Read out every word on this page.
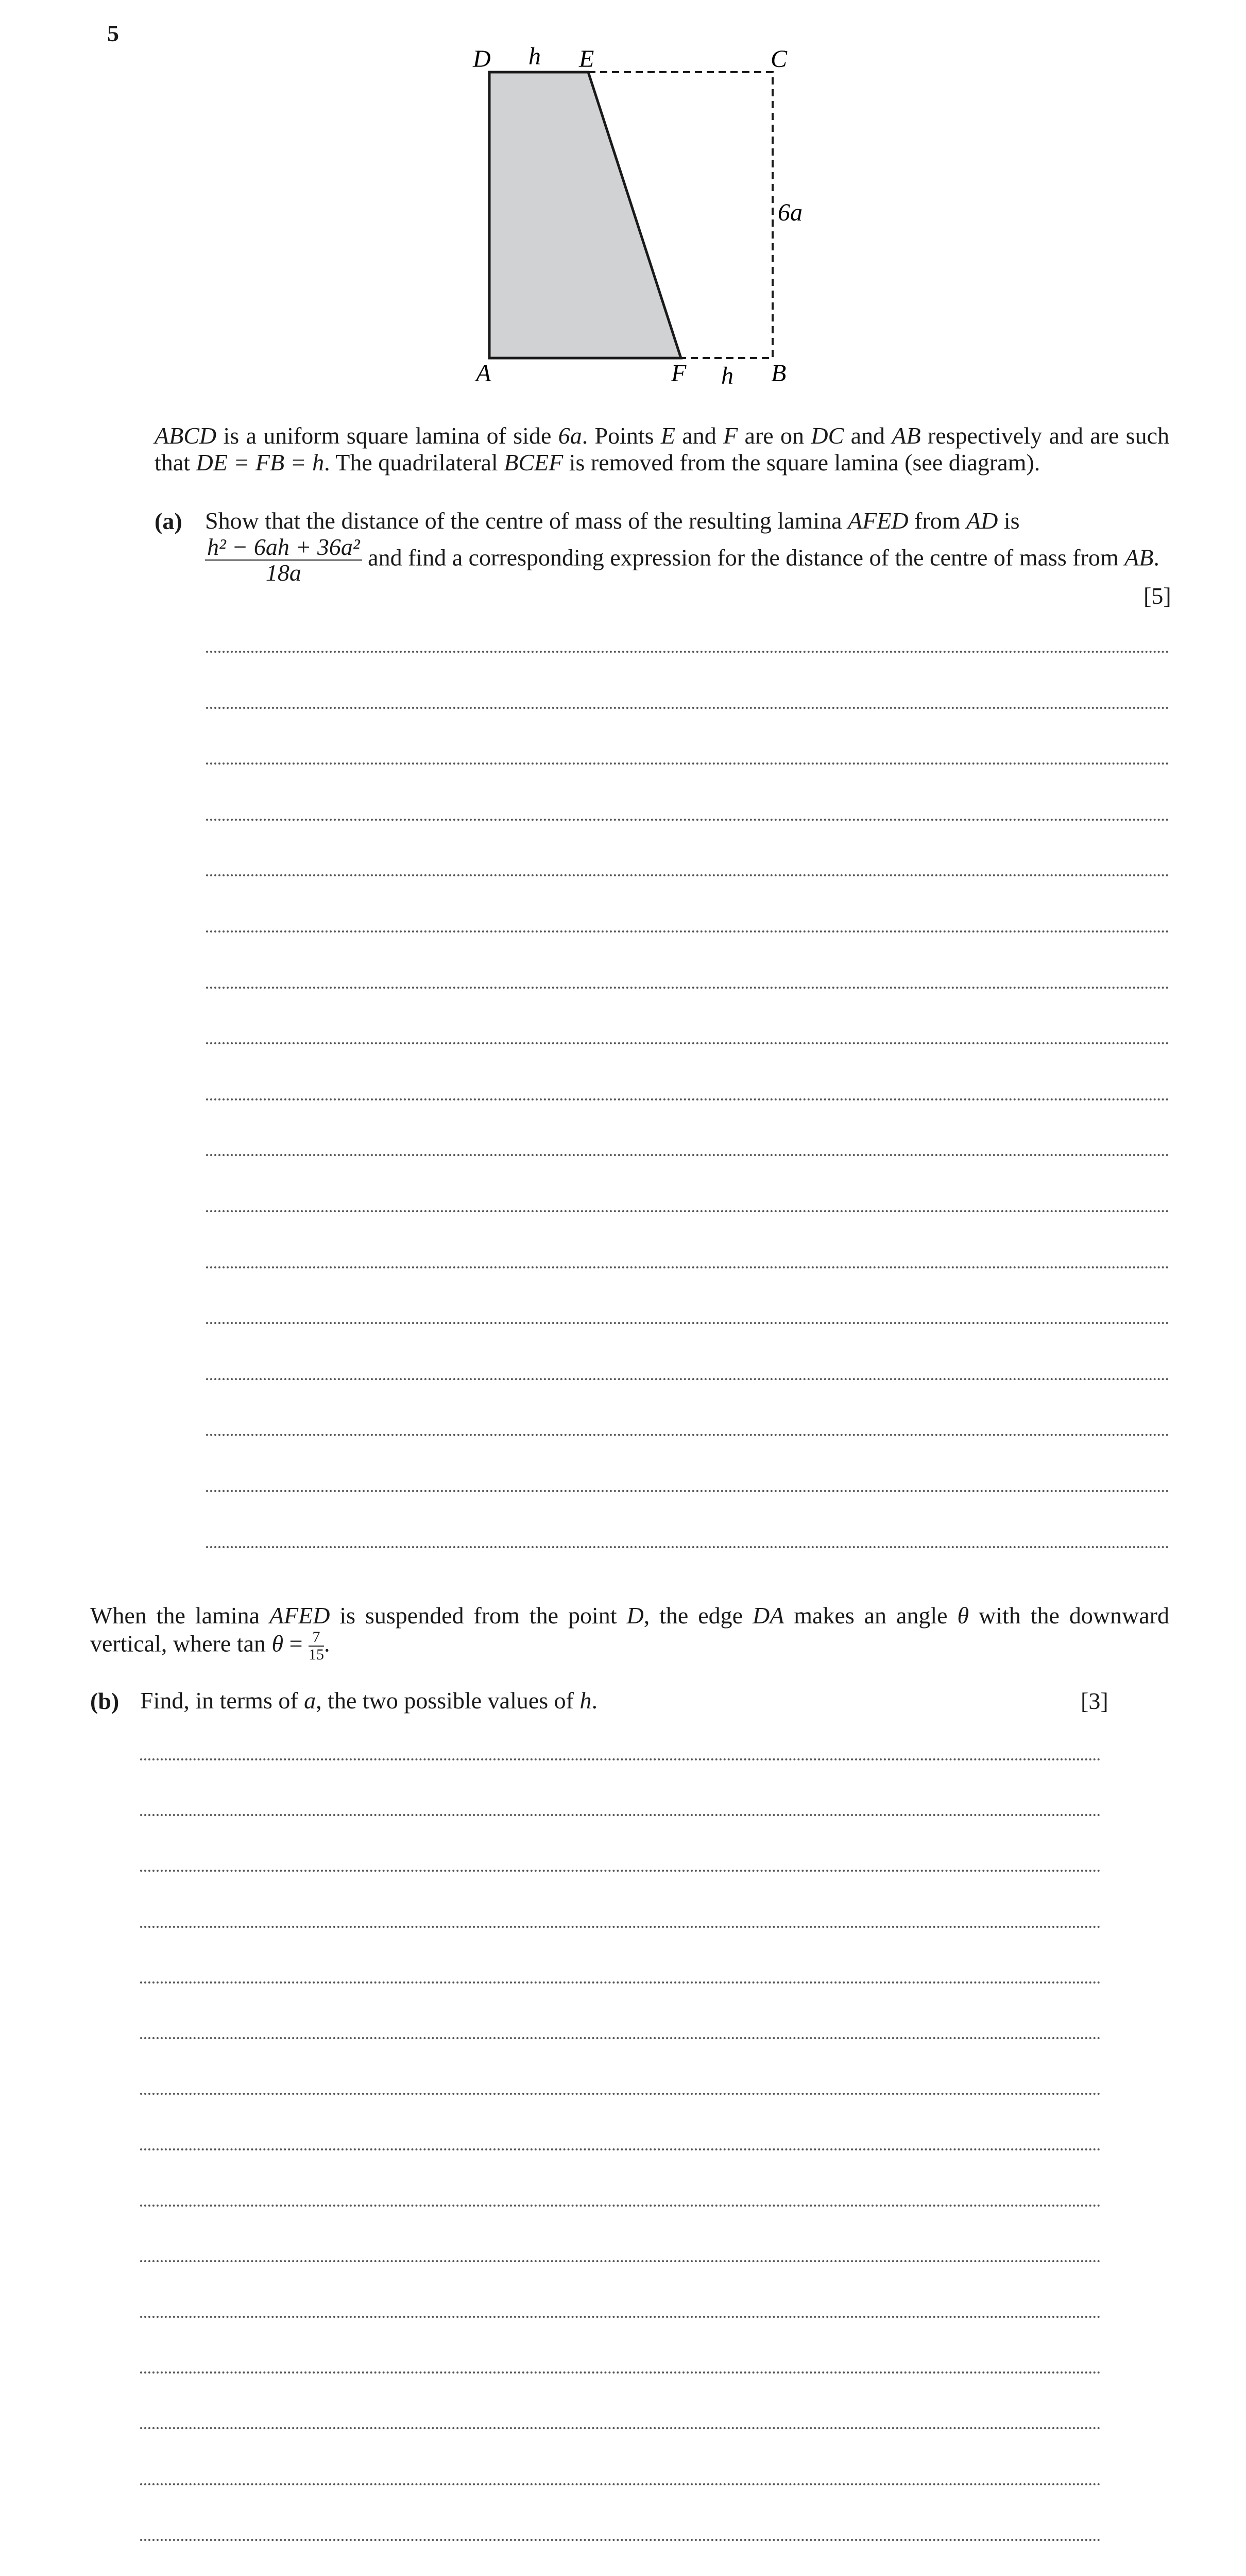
5
D h E	C
6a
A	F h B
ABCD is a uniform square lamina of side 6a. Points E and F are on DC and AB respectively and are such that DE = FB = h. The quadrilateral BCEF is removed from the square lamina (see diagram).
(a) Show that the distance of the centre of mass of the resulting lamina AFED from AD is
$\frac{\text{h² − 6ah + 36a²}}{18a}$ and find a corresponding expression for the distance of the centre of mass from AB.
[5]
When the lamina AFED is suspended from the point D, the edge DA makes an angle θ with the downward vertical, where $\tan \theta = \frac{7}{15}$ .
(b) Find, in terms of a, the two possible values of h.	[3]
